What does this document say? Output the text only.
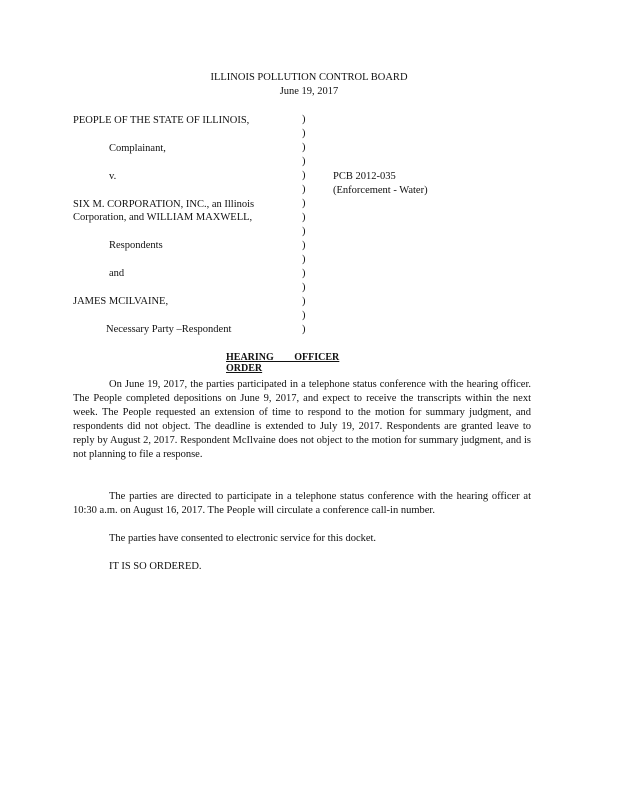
ILLINOIS POLLUTION CONTROL BOARD
June 19, 2017
PEOPLE OF THE STATE OF ILLINOIS,
Complainant,
v.
SIX M. CORPORATION, INC., an Illinois
Corporation, and WILLIAM MAXWELL,
Respondents
and
JAMES MCILVAINE,
Necessary Party –Respondent
)
)
)
)
)
)
)
)
)
)
)
)
)
)
)
)
PCB 2012-035
(Enforcement - Water)
HEARING OFFICER ORDER
On June 19, 2017, the parties participated in a telephone status conference with the hearing officer. The People completed depositions on June 9, 2017, and expect to receive the transcripts within the next week. The People requested an extension of time to respond to the motion for summary judgment, and respondents did not object. The deadline is extended to July 19, 2017. Respondents are granted leave to reply by August 2, 2017. Respondent McIlvaine does not object to the motion for summary judgment, and is not planning to file a response.
The parties are directed to participate in a telephone status conference with the hearing officer at 10:30 a.m. on August 16, 2017. The People will circulate a conference call-in number.
The parties have consented to electronic service for this docket.
IT IS SO ORDERED.
